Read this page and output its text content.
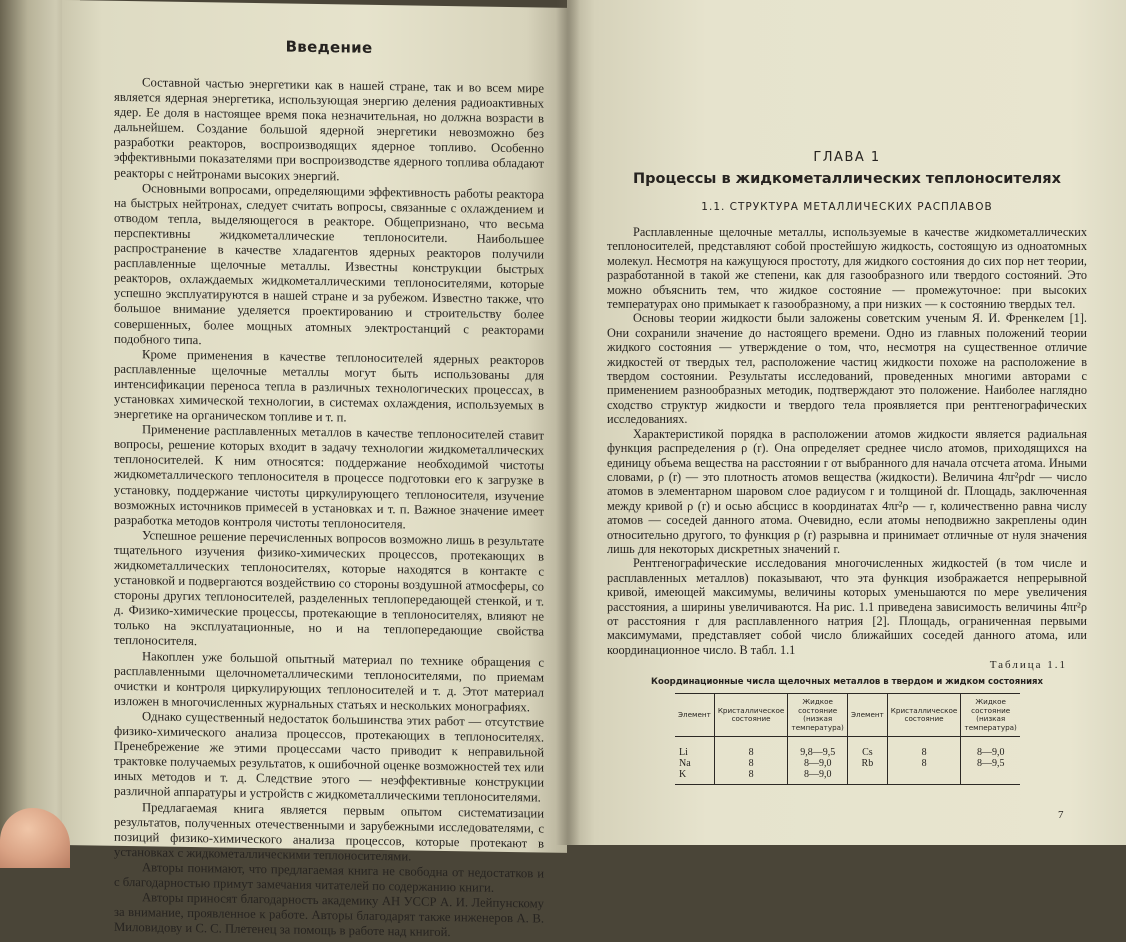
Введение

Составной частью энергетики как в нашей стране, так и во всем мире является ядерная энергетика, использующая энергию деления радиоактивных ядер. Ее доля в настоящее время пока незначительная, но должна возрасти в дальнейшем. Создание большой ядерной энергетики невозможно без разработки реакторов, воспроизводящих ядерное топливо. Особенно эффективными показателями при воспроизводстве ядерного топлива обладают реакторы с нейтронами высоких энергий.

Основными вопросами, определяющими эффективность работы реактора на быстрых нейтронах, следует считать вопросы, связанные с охлаждением и отводом тепла, выделяющегося в реакторе. Общепризнано, что весьма перспективны жидкометаллические теплоносители. Наибольшее распространение в качестве хладагентов ядерных реакторов получили расплавленные щелочные металлы. Известны конструкции быстрых реакторов, охлаждаемых жидкометаллическими теплоносителями, которые успешно эксплуатируются в нашей стране и за рубежом. Известно также, что большое внимание уделяется проектированию и строительству более совершенных, более мощных атомных электростанций с реакторами подобного типа.

Кроме применения в качестве теплоносителей ядерных реакторов расплавленные щелочные металлы могут быть использованы для интенсификации переноса тепла в различных технологических процессах, в установках химической технологии, в системах охлаждения, используемых в энергетике на органическом топливе и т. п.

Применение расплавленных металлов в качестве теплоносителей ставит вопросы, решение которых входит в задачу технологии жидкометаллических теплоносителей. К ним относятся: поддержание необходимой чистоты жидкометаллического теплоносителя в процессе подготовки его к загрузке в установку, поддержание чистоты циркулирующего теплоносителя, изучение возможных источников примесей в установках и т. п. Важное значение имеет разработка методов контроля чистоты теплоносителя.

Успешное решение перечисленных вопросов возможно лишь в результате тщательного изучения физико-химических процессов, протекающих в жидкометаллических теплоносителях, которые находятся в контакте с установкой и подвергаются воздействию со стороны воздушной атмосферы, со стороны других теплоносителей, разделенных теплопередающей стенкой, и т. д. Физико-химические процессы, протекающие в теплоносителях, влияют не только на эксплуатационные, но и на теплопередающие свойства теплоносителя.

Накоплен уже большой опытный материал по технике обращения с расплавленными щелочнометаллическими теплоносителями, по приемам очистки и контроля циркулирующих теплоносителей и т. д. Этот материал изложен в многочисленных журнальных статьях и нескольких монографиях.

Однако существенный недостаток большинства этих работ — отсутствие физико-химического анализа процессов, протекающих в теплоносителях. Пренебрежение же этими процессами часто приводит к неправильной трактовке получаемых результатов, к ошибочной оценке возможностей тех или иных методов и т. д. Следствие этого — неэффективные конструкции различной аппаратуры и устройств с жидкометаллическими теплоносителями.

Предлагаемая книга является первым опытом систематизации результатов, полученных отечественными и зарубежными исследователями, с позиций физико-химического анализа процессов, которые протекают в установках с жидкометаллическими теплоносителями.

Авторы понимают, что предлагаемая книга не свободна от недостатков и с благодарностью примут замечания читателей по содержанию книги.

Авторы приносят благодарность академику АН УССР А. И. Лейпунскому за внимание, проявленное к работе. Авторы благодарят также инженеров А. В. Миловидову и С. С. Плетенец за помощь в работе над книгой.

ГЛАВА 1
Процессы в жидкометаллических теплоносителях
1.1. СТРУКТУРА МЕТАЛЛИЧЕСКИХ РАСПЛАВОВ

Расплавленные щелочные металлы, используемые в качестве жидкометаллических теплоносителей, представляют собой простейшую жидкость, состоящую из одноатомных молекул. Несмотря на кажущуюся простоту, для жидкого состояния до сих пор нет теории, разработанной в такой же степени, как для газообразного или твердого состояний. Это можно объяснить тем, что жидкое состояние — промежуточное: при высоких температурах оно примыкает к газообразному, а при низких — к состоянию твердых тел.

Основы теории жидкости были заложены советским ученым Я. И. Френкелем [1]. Они сохранили значение до настоящего времени. Одно из главных положений теории жидкого состояния — утверждение о том, что, несмотря на существенное отличие жидкостей от твердых тел, расположение частиц жидкости похоже на расположение в твердом состоянии. Результаты исследований, проведенных многими авторами с применением разнообразных методик, подтверждают это положение. Наиболее наглядно сходство структур жидкости и твердого тела проявляется при рентгенографических исследованиях.

Характеристикой порядка в расположении атомов жидкости является радиальная функция распределения ρ (r). Она определяет среднее число атомов, приходящихся на единицу объема вещества на расстоянии r от выбранного для начала отсчета атома. Иными словами, ρ (r) — это плотность атомов вещества (жидкости). Величина 4πr²ρdr — число атомов в элементарном шаровом слое радиусом r и толщиной dr. Площадь, заключенная между кривой ρ (r) и осью абсцисс в координатах 4πr²ρ — r, количественно равна числу атомов — соседей данного атома. Очевидно, если атомы неподвижно закреплены один относительно другого, то функция ρ (r) разрывна и принимает отличные от нуля значения лишь для некоторых дискретных значений r.

Рентгенографические исследования многочисленных жидкостей (в том числе и расплавленных металлов) показывают, что эта функция изображается непрерывной кривой, имеющей максимумы, величины которых уменьшаются по мере увеличения расстояния, а ширины увеличиваются. На рис. 1.1 приведена зависимость величины 4πr²ρ от расстояния r для расплавленного натрия [2]. Площадь, ограниченная первыми максимумами, представляет собой число ближайших соседей данного атома, или координационное число. В табл. 1.1

Таблица 1.1
Координационные числа щелочных металлов в твердом и жидком состояниях
Элемент	Кристаллическое состояние	Жидкое состояние (низкая температура)	Элемент	Кристаллическое состояние	Жидкое состояние (низкая температура)

Li	8	9,8—9,5	Cs	8	8—9,0
Na	8	8—9,0	Rb	8	8—9,5
K	8	8—9,0			
7
